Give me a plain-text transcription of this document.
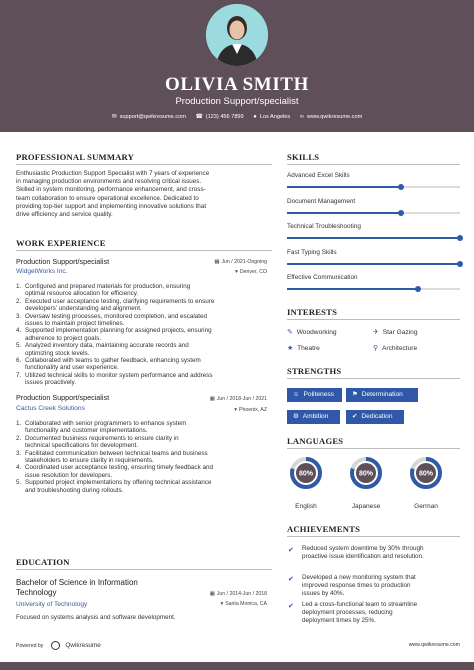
OLIVIA SMITH
Production Support/specialist
✉ support@qwikresume.com ☎ (123) 456 7899 ● Los Angeles ∞ www.qwikresume.com
PROFESSIONAL SUMMARY
Enthusiastic Production Support Specialist with 7 years of experience
in managing production environments and resolving critical issues.
Skilled in system monitoring, performance enhancement, and cross-
team collaboration to ensure operational excellence. Dedicated to
providing top-tier support and implementing innovative solutions that
drive efficiency and service quality.
WORK EXPERIENCE
Production Support/specialist
WidgetWorks Inc.
▦ Jun / 2021-Ongoing
▾ Denver, CO
1. Configured and prepared materials for production, ensuring
optimal resource allocation for efficiency.
2. Executed user acceptance testing, clarifying requirements to ensure
developers' understanding and alignment.
3. Oversaw testing processes, monitored completion, and escalated
issues to maintain project timelines.
4. Supported implementation planning for assigned projects, ensuring
adherence to project goals.
5. Analyzed inventory data, maintaining accurate records and
optimizing stock levels.
6. Collaborated with teams to gather feedback, enhancing system
functionality and user experience.
7. Utilized technical skills to monitor system performance and address
issues proactively.
Production Support/specialist
Cactus Creek Solutions
▦ Jun / 2018-Jun / 2021
▾ Phoenix, AZ
1. Collaborated with senior programmers to enhance system
functionality and customer implementations.
2. Documented business requirements to ensure clarity in
technical specifications for development.
3. Facilitated communication between technical teams and business
stakeholders to ensure clarity in requirements.
4. Coordinated user acceptance testing, ensuring timely feedback and
issue resolution for developers.
5. Supported project implementations by offering technical assistance
and troubleshooting during rollouts.
EDUCATION
Bachelor of Science in Information
Technology
University of Technology
▦ Jun / 2014-Jun / 2018
▾ Santa Monica, CA
Focused on systems analysis and software development.
SKILLS
Advanced Excel Skills
Document Management
Technical Troubleshooting
Fast Typing Skills
Effective Communication
INTERESTS
✎ Woodworking	✈ Star Gazing
★ Theatre	⚲ Architecture
STRENGTHS
☺ Politeness	⚑ Determination
⚙ Ambition	✔ Dedication
LANGUAGES
80%
English
80%
Japanese
80%
German
ACHIEVEMENTS
✔ Reduced system downtime by 30% through
proactive issue identification and resolution.
✔ Developed a new monitoring system that
improved response times to production
issues by 40%.
✔ Led a cross-functional team to streamline
deployment processes, reducing
deployment times by 25%.
Powered by	Qwikresume	www.qwikresume.com
